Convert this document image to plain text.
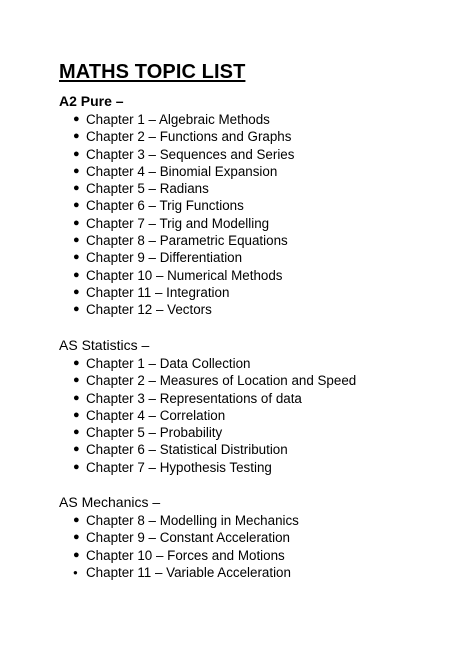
MATHS TOPIC LIST
A2 Pure –
● Chapter 1 – Algebraic Methods
● Chapter 2 – Functions and Graphs
● Chapter 3 – Sequences and Series
● Chapter 4 – Binomial Expansion
● Chapter 5 – Radians
● Chapter 6 – Trig Functions
● Chapter 7 – Trig and Modelling
● Chapter 8 – Parametric Equations
● Chapter 9 – Differentiation
● Chapter 10 – Numerical Methods
● Chapter 11 – Integration
● Chapter 12 – Vectors
AS Statistics –
● Chapter 1 – Data Collection
● Chapter 2 – Measures of Location and Speed
● Chapter 3 – Representations of data
● Chapter 4 – Correlation
● Chapter 5 – Probability
● Chapter 6 – Statistical Distribution
● Chapter 7 – Hypothesis Testing
AS Mechanics –
● Chapter 8 – Modelling in Mechanics
● Chapter 9 – Constant Acceleration
● Chapter 10 – Forces and Motions
● Chapter 11 – Variable Acceleration
